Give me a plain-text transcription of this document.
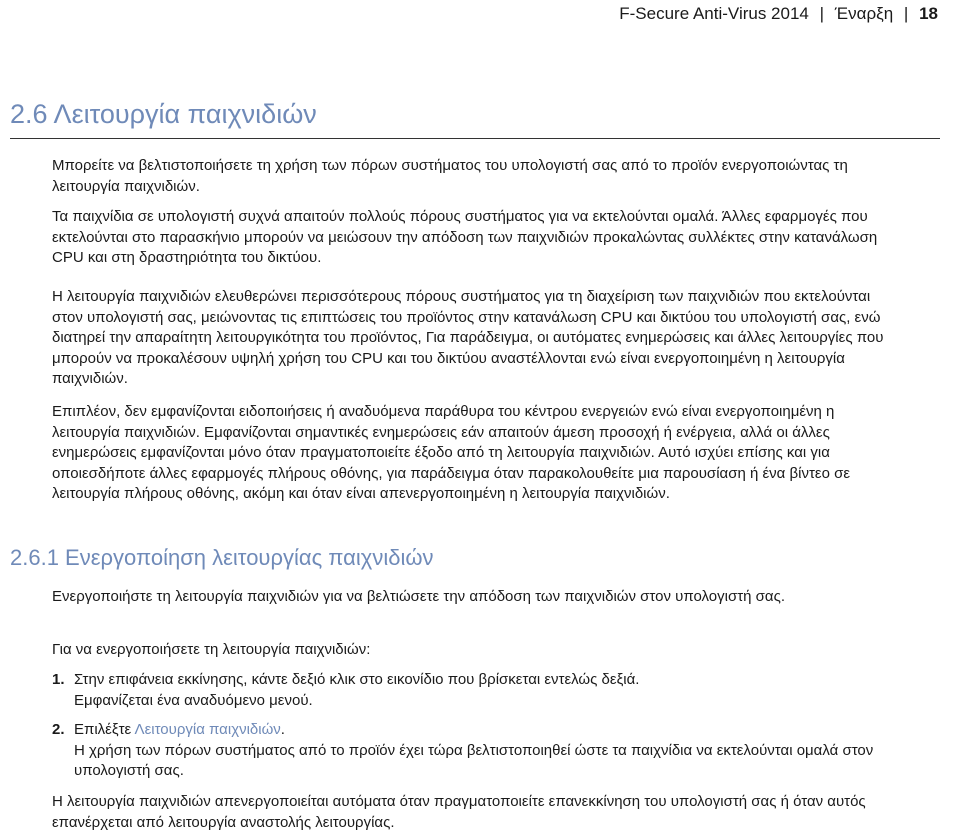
F-Secure Anti-Virus 2014 | Έναρξη | 18
2.6 Λειτουργία παιχνιδιών

Μπορείτε να βελτιστοποιήσετε τη χρήση των πόρων συστήματος του υπολογιστή σας από το προϊόν ενεργοποιώντας τη λειτουργία παιχνιδιών.

Τα παιχνίδια σε υπολογιστή συχνά απαιτούν πολλούς πόρους συστήματος για να εκτελούνται ομαλά. Άλλες εφαρμογές που εκτελούνται στο παρασκήνιο μπορούν να μειώσουν την απόδοση των παιχνιδιών προκαλώντας συλλέκτες στην κατανάλωση CPU και στη δραστηριότητα του δικτύου.

Η λειτουργία παιχνιδιών ελευθερώνει περισσότερους πόρους συστήματος για τη διαχείριση των παιχνιδιών που εκτελούνται στον υπολογιστή σας, μειώνοντας τις επιπτώσεις του προϊόντος στην κατανάλωση CPU και δικτύου του υπολογιστή σας, ενώ διατηρεί την απαραίτητη λειτουργικότητα του προϊόντος, Για παράδειγμα, οι αυτόματες ενημερώσεις και άλλες λειτουργίες που μπορούν να προκαλέσουν υψηλή χρήση του CPU και του δικτύου αναστέλλονται ενώ είναι ενεργοποιημένη η λειτουργία παιχνιδιών.

Επιπλέον, δεν εμφανίζονται ειδοποιήσεις ή αναδυόμενα παράθυρα του κέντρου ενεργειών ενώ είναι ενεργοποιημένη η λειτουργία παιχνιδιών. Εμφανίζονται σημαντικές ενημερώσεις εάν απαιτούν άμεση προσοχή ή ενέργεια, αλλά οι άλλες ενημερώσεις εμφανίζονται μόνο όταν πραγματοποιείτε έξοδο από τη λειτουργία παιχνιδιών. Αυτό ισχύει επίσης και για οποιεσδήποτε άλλες εφαρμογές πλήρους οθόνης, για παράδειγμα όταν παρακολουθείτε μια παρουσίαση ή ένα βίντεο σε λειτουργία πλήρους οθόνης, ακόμη και όταν είναι απενεργοποιημένη η λειτουργία παιχνιδιών.

2.6.1 Ενεργοποίηση λειτουργίας παιχνιδιών

Ενεργοποιήστε τη λειτουργία παιχνιδιών για να βελτιώσετε την απόδοση των παιχνιδιών στον υπολογιστή σας.

Για να ενεργοποιήσετε τη λειτουργία παιχνιδιών:

1. Στην επιφάνεια εκκίνησης, κάντε δεξιό κλικ στο εικονίδιο που βρίσκεται εντελώς δεξιά.
Εμφανίζεται ένα αναδυόμενο μενού.
2. Επιλέξτε Λειτουργία παιχνιδιών.
Η χρήση των πόρων συστήματος από το προϊόν έχει τώρα βελτιστοποιηθεί ώστε τα παιχνίδια να εκτελούνται ομαλά στον υπολογιστή σας.

Η λειτουργία παιχνιδιών απενεργοποιείται αυτόματα όταν πραγματοποιείτε επανεκκίνηση του υπολογιστή σας ή όταν αυτός επανέρχεται από λειτουργία αναστολής λειτουργίας.
